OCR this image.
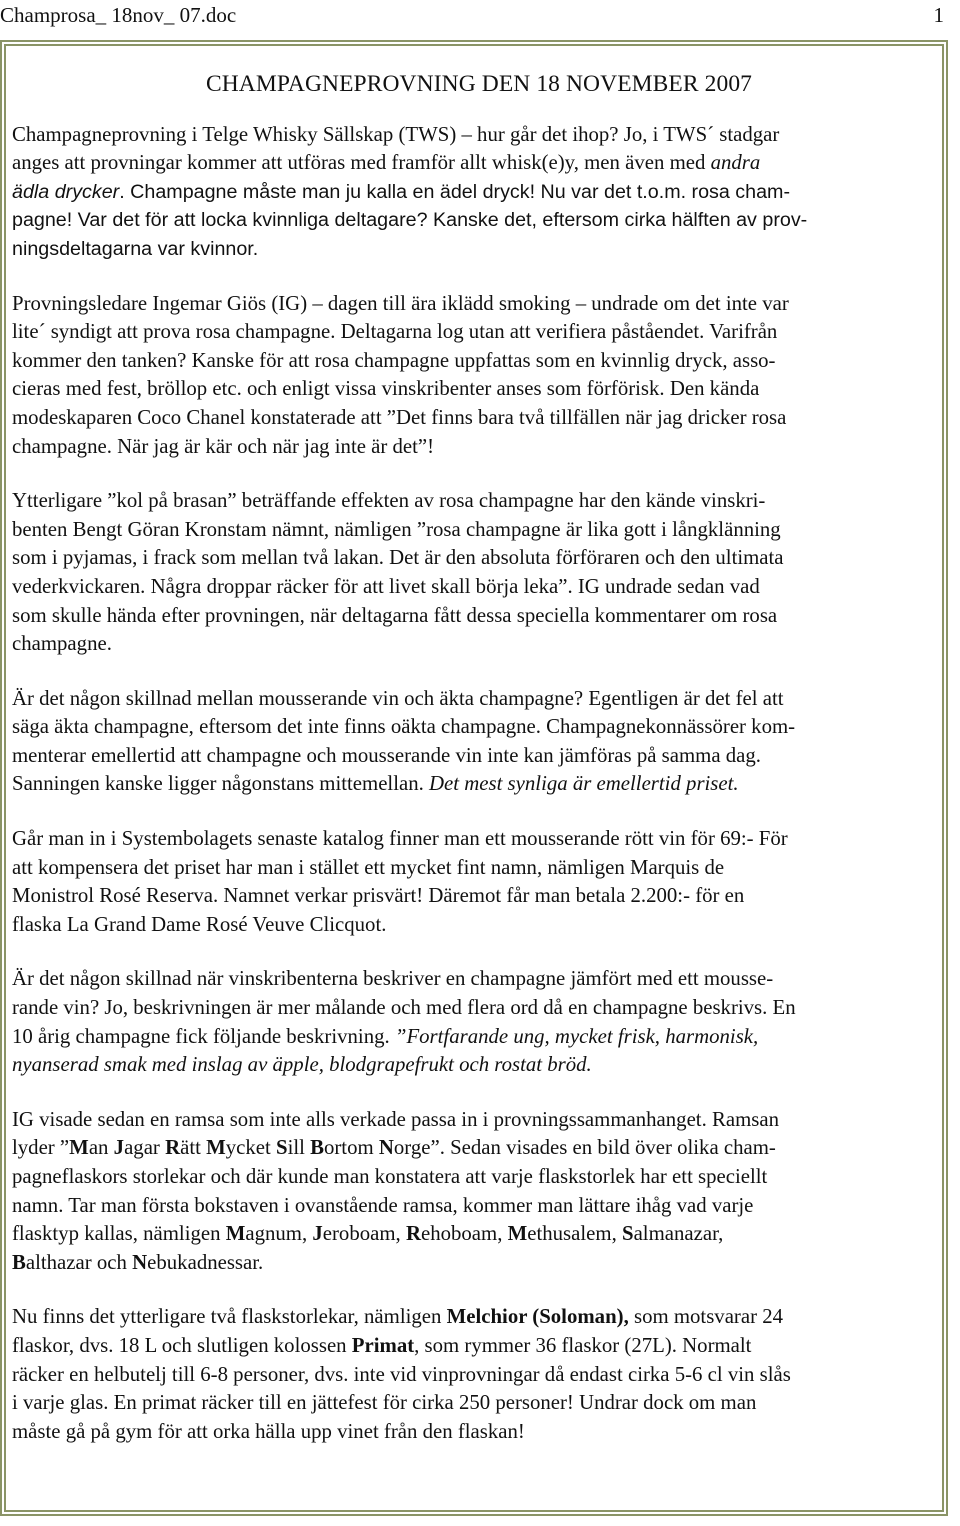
Champrosa_ 18nov_ 07.doc	1
CHAMPAGNEPROVNING DEN 18 NOVEMBER 2007
Champagneprovning i Telge Whisky Sällskap (TWS) – hur går det ihop? Jo, i TWS´ stadgar
anges att provningar kommer att utföras med framför allt whisk(e)y, men även med andra
ädla drycker. Champagne måste man ju kalla en ädel dryck! Nu var det t.o.m. rosa cham-
pagne! Var det för att locka kvinnliga deltagare? Kanske det, eftersom cirka hälften av prov-
ningsdeltagarna var kvinnor.
Provningsledare Ingemar Giös (IG) – dagen till ära iklädd smoking – undrade om det inte var
lite´ syndigt att prova rosa champagne. Deltagarna log utan att verifiera påståendet. Varifrån
kommer den tanken? Kanske för att rosa champagne uppfattas som en kvinnlig dryck, asso-
cieras med fest, bröllop etc. och enligt vissa vinskribenter anses som förförisk. Den kända
modeskaparen Coco Chanel konstaterade att ”Det finns bara två tillfällen när jag dricker rosa
champagne. När jag är kär och när jag inte är det”!
Ytterligare ”kol på brasan” beträffande effekten av rosa champagne har den kände vinskri-
benten Bengt Göran Kronstam nämnt, nämligen ”rosa champagne är lika gott i långklänning
som i pyjamas, i frack som mellan två lakan. Det är den absoluta förföraren och den ultimata
vederkvickaren. Några droppar räcker för att livet skall börja leka”. IG undrade sedan vad
som skulle hända efter provningen, när deltagarna fått dessa speciella kommentarer om rosa
champagne.
Är det någon skillnad mellan mousserande vin och äkta champagne? Egentligen är det fel att
säga äkta champagne, eftersom det inte finns oäkta champagne. Champagnekonnässörer kom-
menterar emellertid att champagne och mousserande vin inte kan jämföras på samma dag.
Sanningen kanske ligger någonstans mittemellan. Det mest synliga är emellertid priset.
Går man in i Systembolagets senaste katalog finner man ett mousserande rött vin för 69:- För
att kompensera det priset har man i stället ett mycket fint namn, nämligen Marquis de
Monistrol Rosé Reserva. Namnet verkar prisvärt! Däremot får man betala 2.200:- för en
flaska La Grand Dame Rosé Veuve Clicquot.
Är det någon skillnad när vinskribenterna beskriver en champagne jämfört med ett mousse-
rande vin? Jo, beskrivningen är mer målande och med flera ord då en champagne beskrivs. En
10 årig champagne fick följande beskrivning. ”Fortfarande ung, mycket frisk, harmonisk,
nyanserad smak med inslag av äpple, blodgrapefrukt och rostat bröd.
IG visade sedan en ramsa som inte alls verkade passa in i provningssammanhanget. Ramsan
lyder ”Man Jagar Rätt Mycket Sill Bortom Norge”. Sedan visades en bild över olika cham-
pagneflaskors storlekar och där kunde man konstatera att varje flaskstorlek har ett speciellt
namn. Tar man första bokstaven i ovanstående ramsa, kommer man lättare ihåg vad varje
flasktyp kallas, nämligen Magnum, Jeroboam, Rehoboam, Methusalem, Salmanazar,
Balthazar och Nebukadnessar.
Nu finns det ytterligare två flaskstorlekar, nämligen Melchior (Soloman), som motsvarar 24
flaskor, dvs. 18 L och slutligen kolossen Primat, som rymmer 36 flaskor (27L). Normalt
räcker en helbutelj till 6-8 personer, dvs. inte vid vinprovningar då endast cirka 5-6 cl vin slås
i varje glas. En primat räcker till en jättefest för cirka 250 personer! Undrar dock om man
måste gå på gym för att orka hälla upp vinet från den flaskan!
